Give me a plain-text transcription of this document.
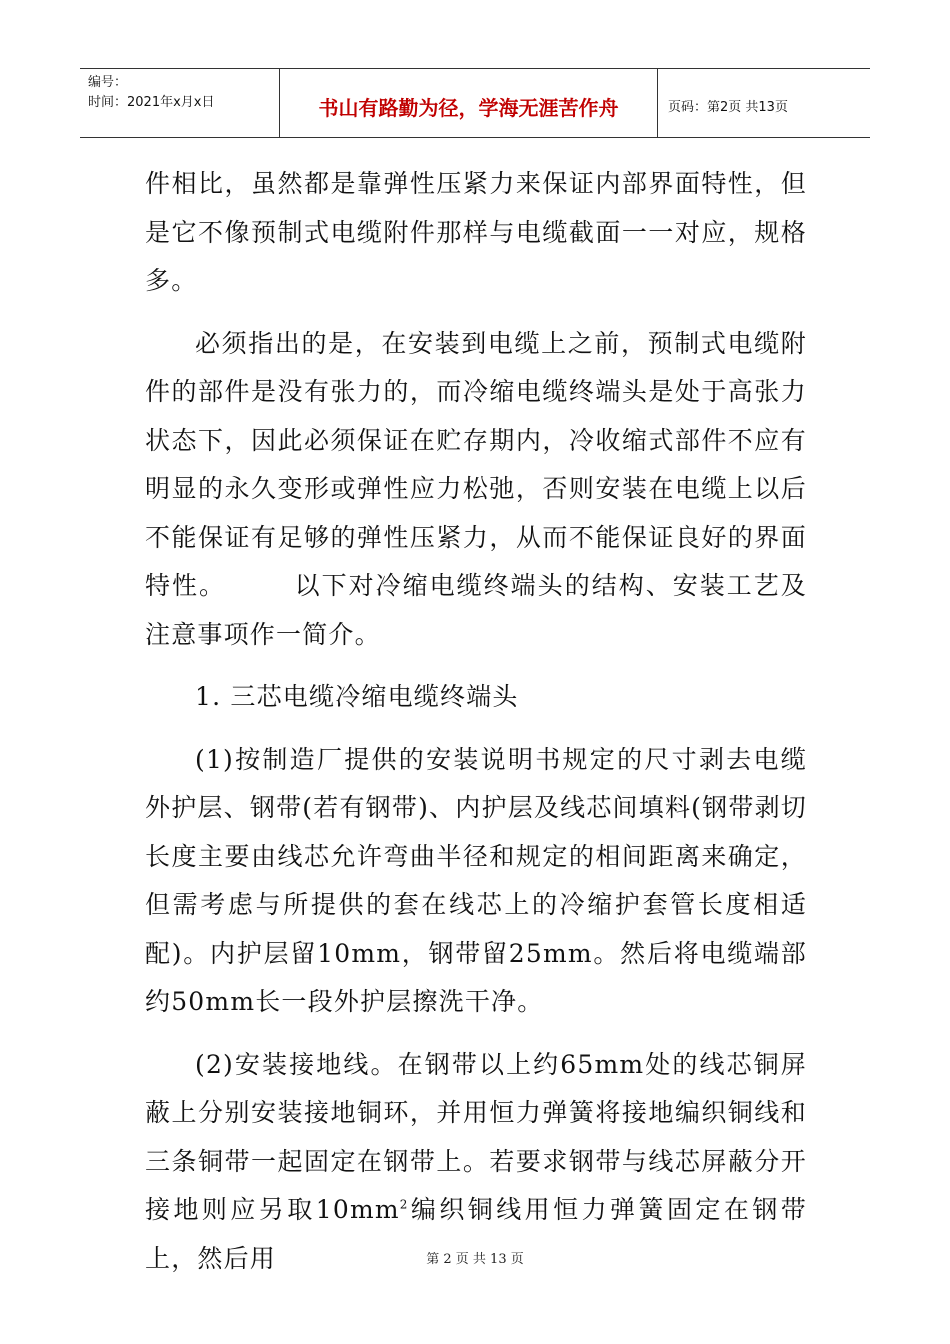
编号：
时间：2021年x月x日	书山有路勤为径，学海无涯苦作舟	页码：第2页 共13页

件相比，虽然都是靠弹性压紧力来保证内部界面特性，但是它不像预制式电缆附件那样与电缆截面一一对应，规格多。

必须指出的是，在安装到电缆上之前，预制式电缆附件的部件是没有张力的，而冷缩电缆终端头是处于高张力状态下，因此必须保证在贮存期内，冷收缩式部件不应有明显的永久变形或弹性应力松弛，否则安装在电缆上以后不能保证有足够的弹性压紧力，从而不能保证良好的界面特性。　　　以下对冷缩电缆终端头的结构、安装工艺及注意事项作一简介。

1. 三芯电缆冷缩电缆终端头

(1)按制造厂提供的安装说明书规定的尺寸剥去电缆外护层、钢带(若有钢带)、内护层及线芯间填料(钢带剥切长度主要由线芯允许弯曲半径和规定的相间距离来确定，但需考虑与所提供的套在线芯上的冷缩护套管长度相适配)。内护层留10mm，钢带留25mm。然后将电缆端部约50mm长一段外护层擦洗干净。

(2)安装接地线。在钢带以上约65mm处的线芯铜屏蔽上分别安装接地铜环，并用恒力弹簧将接地编织铜线和三条铜带一起固定在钢带上。若要求钢带与线芯屏蔽分开接地则应另取$10mm^2$编织铜线用恒力弹簧固定在钢带上，然后用	第 2 页 共 13 页
